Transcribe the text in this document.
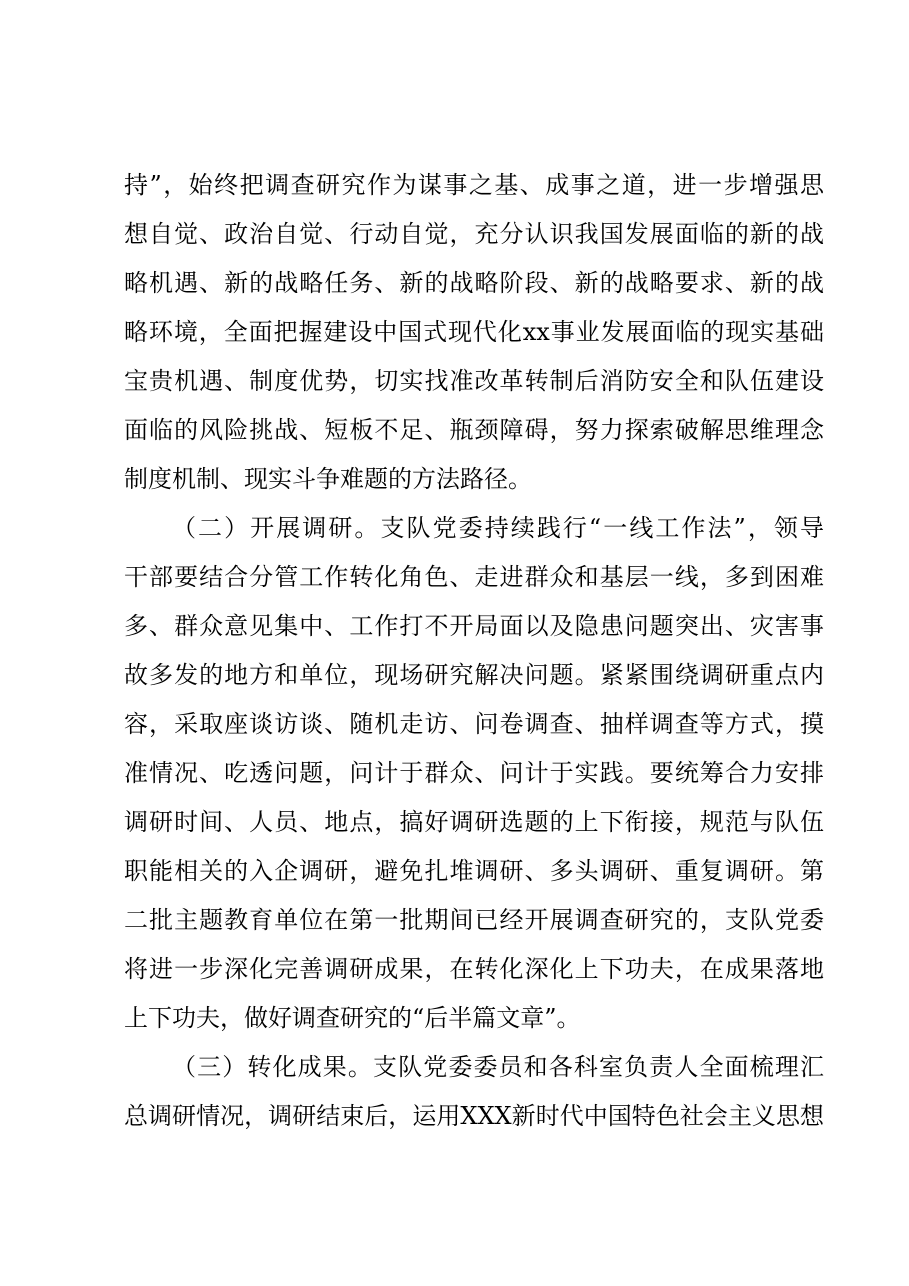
持”，始终把调查研究作为谋事之基、成事之道，进一步增强思
想自觉、政治自觉、行动自觉，充分认识我国发展面临的新的战
略机遇、新的战略任务、新的战略阶段、新的战略要求、新的战
略环境，全面把握建设中国式现代化xx事业发展面临的现实基础
宝贵机遇、制度优势，切实找准改革转制后消防安全和队伍建设
面临的风险挑战、短板不足、瓶颈障碍，努力探索破解思维理念
制度机制、现实斗争难题的方法路径。
（二）开展调研。支队党委持续践行“一线工作法”，领导
干部要结合分管工作转化角色、走进群众和基层一线，多到困难
多、群众意见集中、工作打不开局面以及隐患问题突出、灾害事
故多发的地方和单位，现场研究解决问题。紧紧围绕调研重点内
容，采取座谈访谈、随机走访、问卷调查、抽样调查等方式，摸
准情况、吃透问题，问计于群众、问计于实践。要统筹合力安排
调研时间、人员、地点，搞好调研选题的上下衔接，规范与队伍
职能相关的入企调研，避免扎堆调研、多头调研、重复调研。第
二批主题教育单位在第一批期间已经开展调查研究的，支队党委
将进一步深化完善调研成果，在转化深化上下功夫，在成果落地
上下功夫，做好调查研究的“后半篇文章”。
（三）转化成果。支队党委委员和各科室负责人全面梳理汇
总调研情况，调研结束后，运用XXX新时代中国特色社会主义思想
